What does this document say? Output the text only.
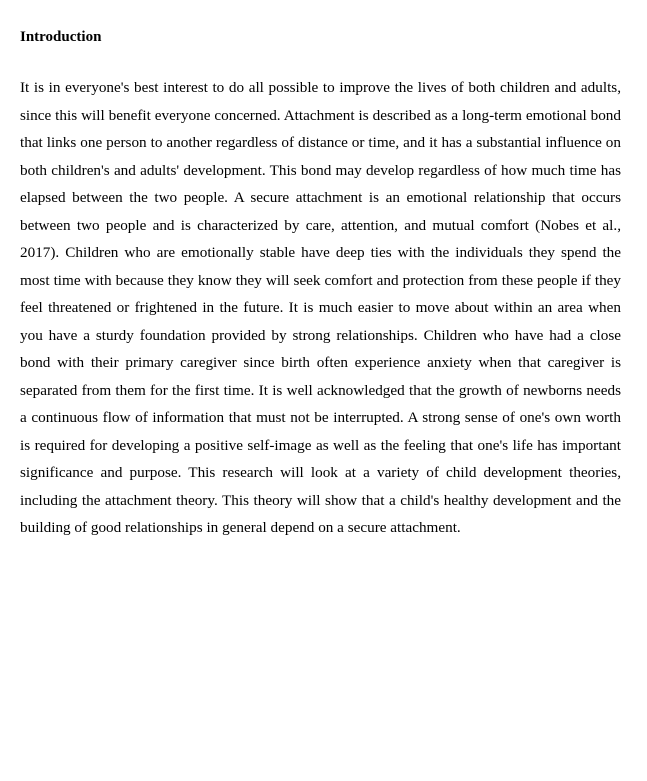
Introduction

It is in everyone's best interest to do all possible to improve the lives of both children and adults, since this will benefit everyone concerned. Attachment is described as a long-term emotional bond that links one person to another regardless of distance or time, and it has a substantial influence on both children's and adults' development. This bond may develop regardless of how much time has elapsed between the two people. A secure attachment is an emotional relationship that occurs between two people and is characterized by care, attention, and mutual comfort (Nobes et al., 2017). Children who are emotionally stable have deep ties with the individuals they spend the most time with because they know they will seek comfort and protection from these people if they feel threatened or frightened in the future. It is much easier to move about within an area when you have a sturdy foundation provided by strong relationships. Children who have had a close bond with their primary caregiver since birth often experience anxiety when that caregiver is separated from them for the first time. It is well acknowledged that the growth of newborns needs a continuous flow of information that must not be interrupted. A strong sense of one's own worth is required for developing a positive self-image as well as the feeling that one's life has important significance and purpose. This research will look at a variety of child development theories, including the attachment theory. This theory will show that a child's healthy development and the building of good relationships in general depend on a secure attachment.
